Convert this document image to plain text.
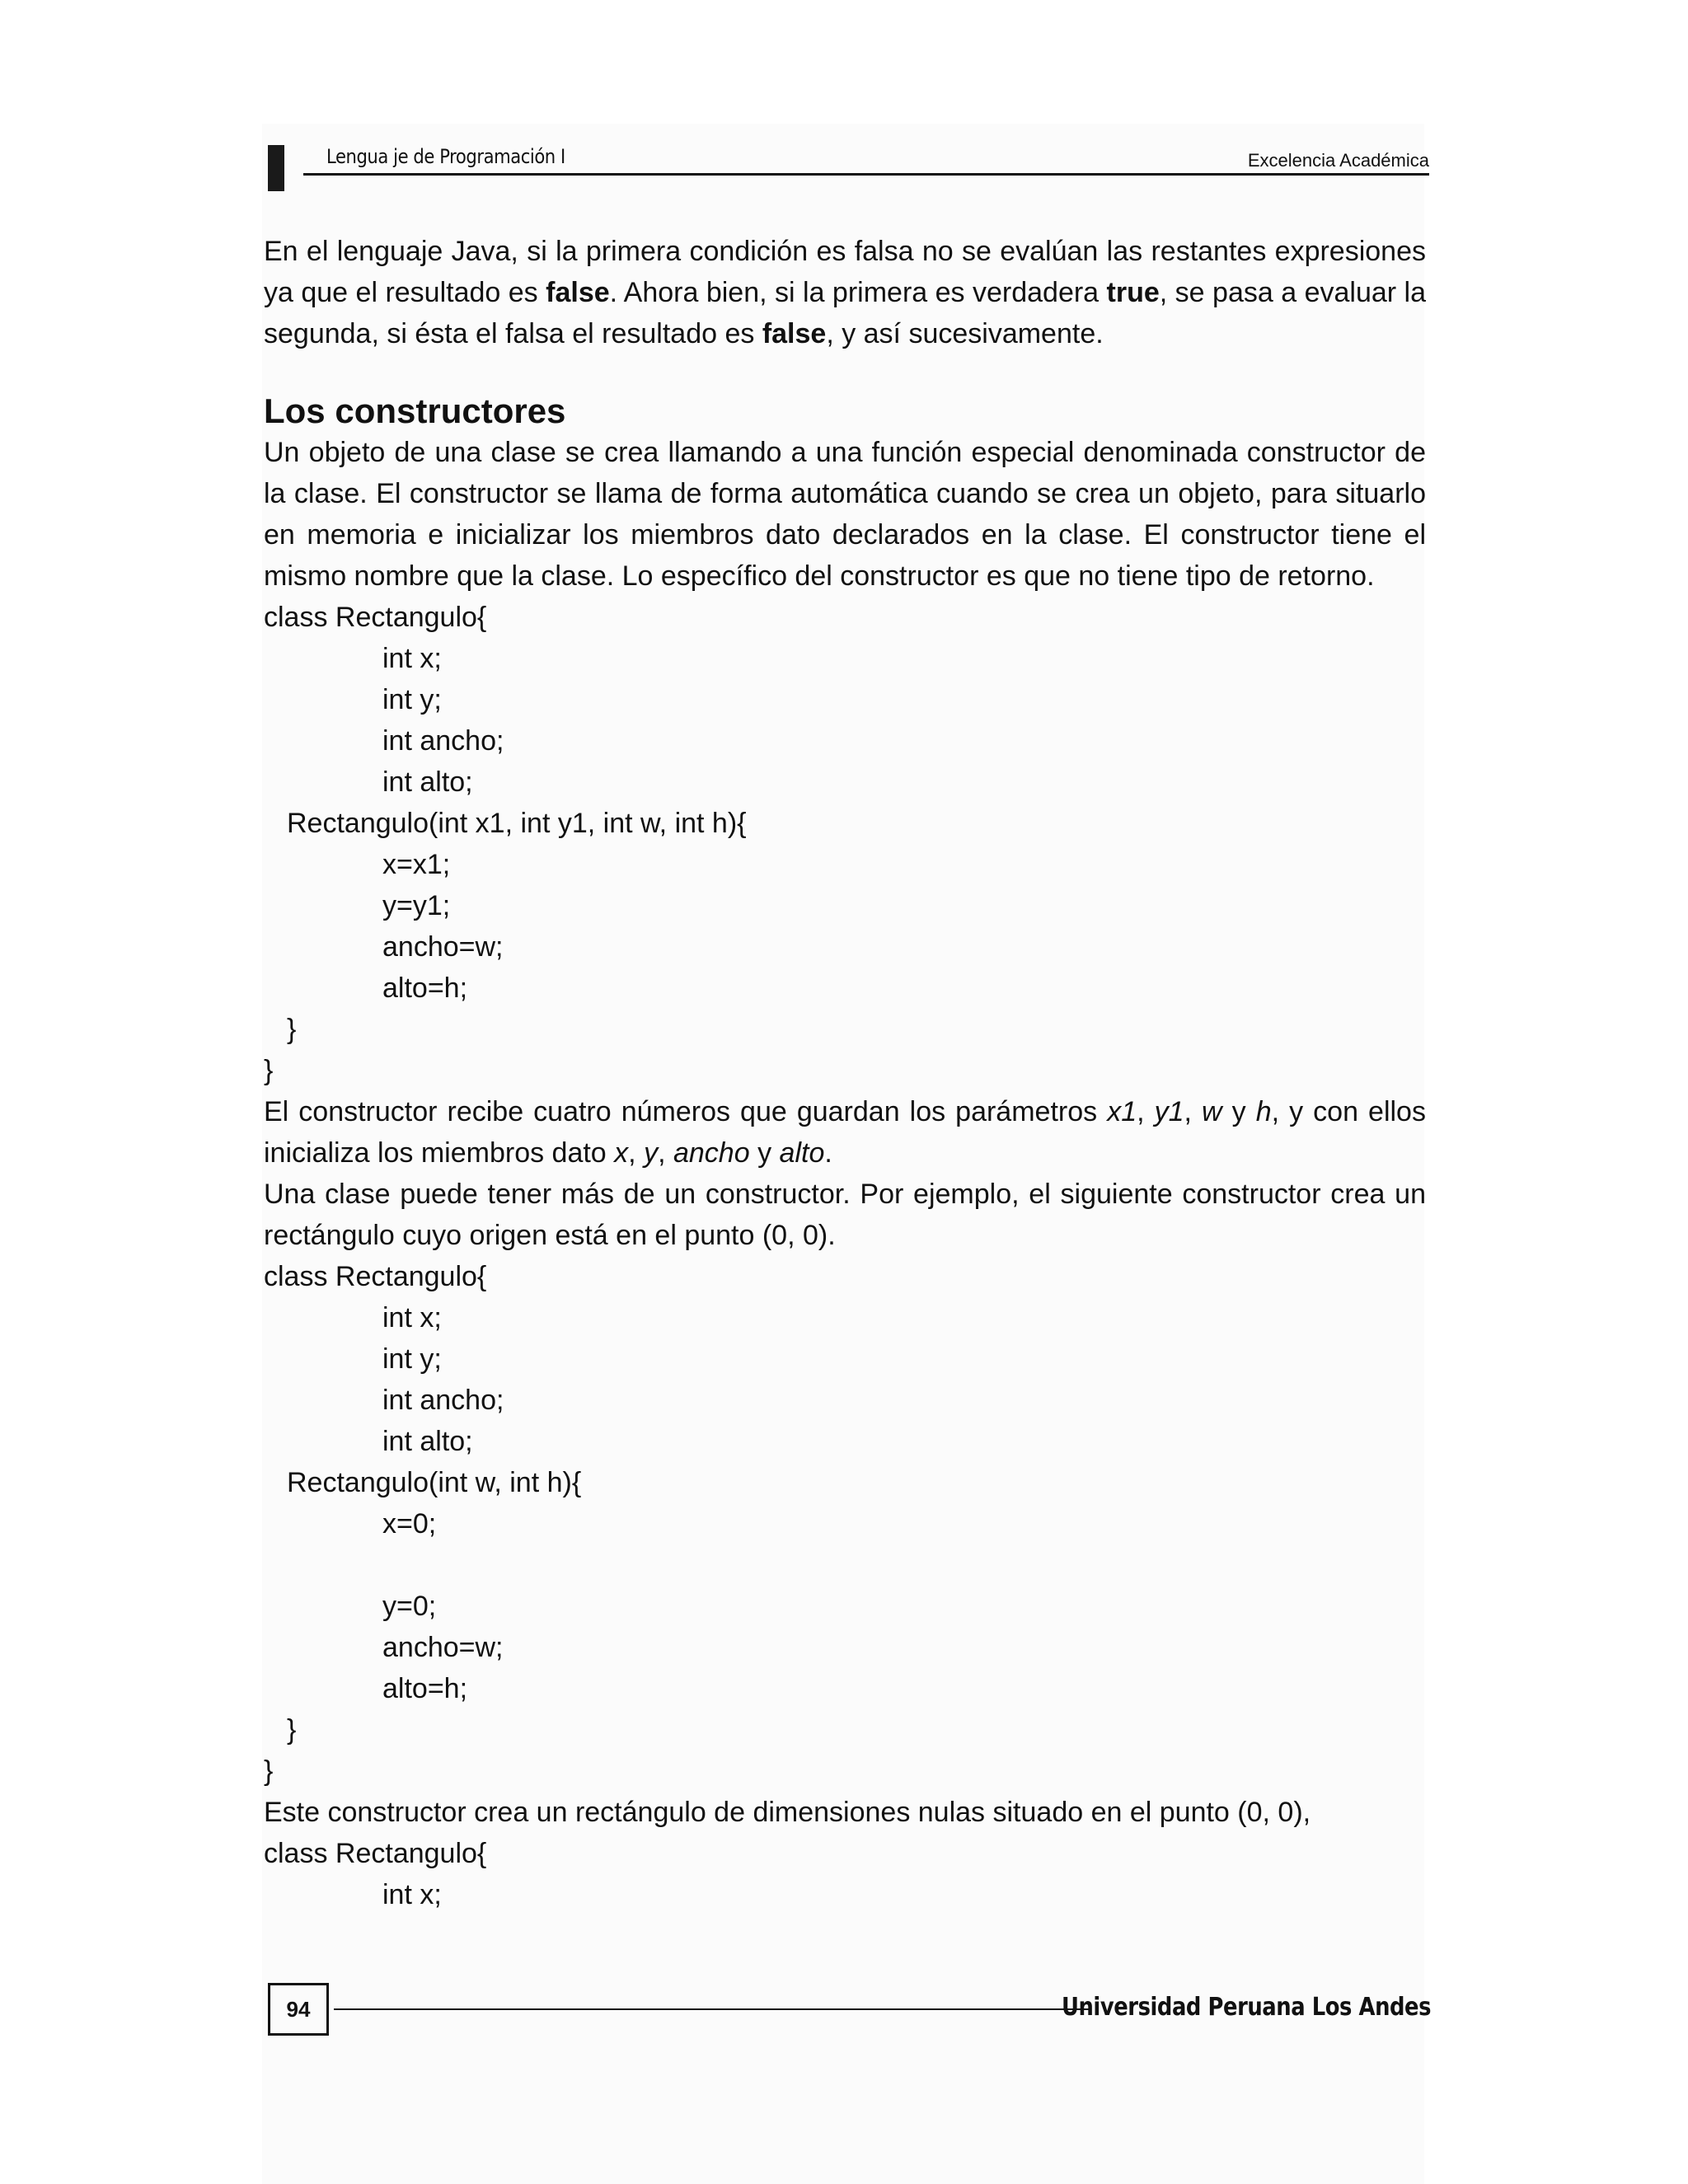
Lengua je de Programación I	Excelencia Académica

En el lenguaje Java, si la primera condición es falsa no se evalúan las restantes expresiones ya que el resultado es false. Ahora bien, si la primera es verdadera true, se pasa a evaluar la segunda, si ésta el falsa el resultado es false, y así sucesivamente.

Los constructores

Un objeto de una clase se crea llamando a una función especial denominada constructor de la clase. El constructor se llama de forma automática cuando se crea un objeto, para situarlo en memoria e inicializar los miembros dato declarados en la clase. El constructor tiene el mismo nombre que la clase. Lo específico del constructor es que no tiene tipo de retorno.

class Rectangulo{

int x;

int y;

int ancho;

int alto;

Rectangulo(int x1, int y1, int w, int h){

x=x1;

y=y1;

ancho=w;

alto=h;

}

}

El constructor recibe cuatro números que guardan los parámetros x1, y1, w y h, y con ellos inicializa los miembros dato x, y, ancho y alto.

Una clase puede tener más de un constructor. Por ejemplo, el siguiente constructor crea un rectángulo cuyo origen está en el punto (0, 0).

class Rectangulo{

int x;

int y;

int ancho;

int alto;

Rectangulo(int w, int h){

x=0;

y=0;

ancho=w;

alto=h;

}

}

Este constructor crea un rectángulo de dimensiones nulas situado en el punto (0, 0),

class Rectangulo{

int x;

94	Universidad Peruana Los Andes
